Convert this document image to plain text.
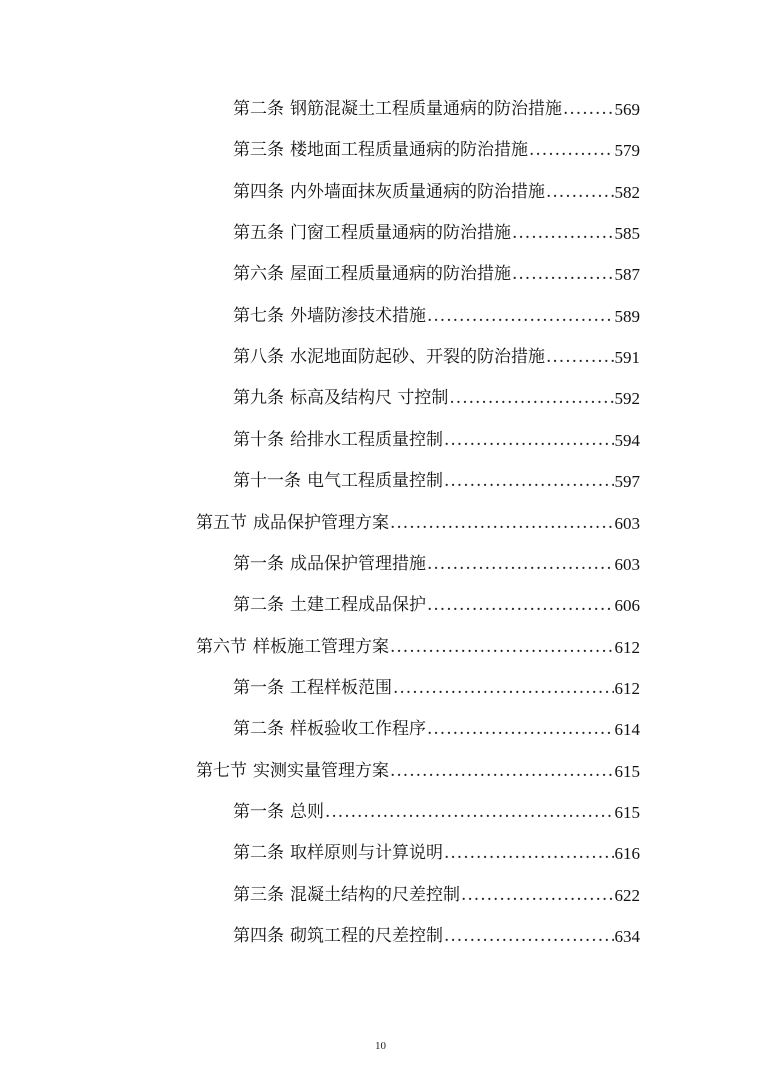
第二条 钢筋混凝土工程质量通病的防治措施 .....	569
第三条 楼地面工程质量通病的防治措施 .....	579
第四条 内外墙面抹灰质量通病的防治措施 .....	582
第五条 门窗工程质量通病的防治措施 .....	585
第六条 屋面工程质量通病的防治措施 .....	587
第七条 外墙防渗技术措施 .....	589
第八条 水泥地面防起砂、开裂的防治措施 .....	591
第九条 标高及结构尺 寸控制 .....	592
第十条 给排水工程质量控制 .....	594
第十一条 电气工程质量控制 .....	597
第五节 成品保护管理方案 .....	603
第一条 成品保护管理措施 .....	603
第二条 土建工程成品保护 .....	606
第六节 样板施工管理方案 .....	612
第一条 工程样板范围 .....	612
第二条 样板验收工作程序 .....	614
第七节 实测实量管理方案 .....	615
第一条 总则 .....	615
第二条 取样原则与计算说明 .....	616
第三条 混凝土结构的尺差控制 .....	622
第四条 砌筑工程的尺差控制 .....	634
10
